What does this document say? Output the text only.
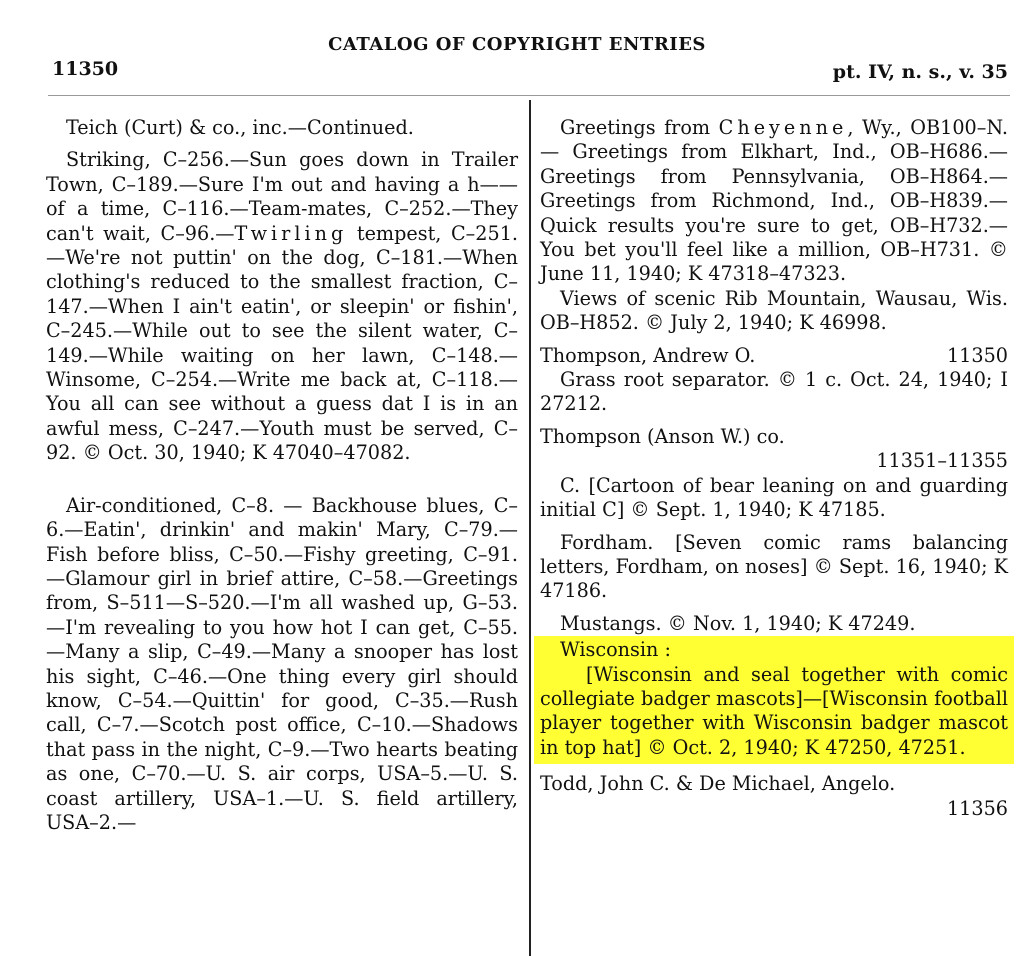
CATALOG OF COPYRIGHT ENTRIES
11350	pt. IV, n. s., v. 35

Teich (Curt) & co., inc.—Continued.

Striking, C–256.—Sun goes down in Trailer Town, C–189.—Sure I'm out and having a h—— of a time, C–116.—Team-mates, C–252.—They can't wait, C–96.—Twirling tempest, C–251.—We're not puttin' on the dog, C–181.—When clothing's reduced to the smallest fraction, C–147.—When I ain't eatin', or sleepin' or fishin', C–245.—While out to see the silent water, C–149.—While waiting on her lawn, C–148.—Winsome, C–254.—Write me back at, C–118.—You all can see without a guess dat I is in an awful mess, C–247.—Youth must be served, C–92. © Oct. 30, 1940; K 47040–47082.

Air-conditioned, C–8. — Backhouse blues, C–6.—Eatin', drinkin' and makin' Mary, C–79.—Fish before bliss, C–50.—Fishy greeting, C–91.—Glamour girl in brief attire, C–58.—Greetings from, S–511—S–520.—I'm all washed up, G–53.—I'm revealing to you how hot I can get, C–55.—Many a slip, C–49.—Many a snooper has lost his sight, C–46.—One thing every girl should know, C–54.—Quittin' for good, C–35.—Rush call, C–7.—Scotch post office, C–10.—Shadows that pass in the night, C–9.—Two hearts beating as one, C–70.—U. S. air corps, USA–5.—U. S. coast artillery, USA–1.—U. S. field artillery, USA–2.—

Greetings from Cheyenne, Wy., OB100–N. — Greetings from Elkhart, Ind., OB–H686.—Greetings from Pennsylvania, OB–H864.—Greetings from Richmond, Ind., OB–H839.—Quick results you're sure to get, OB–H732.—You bet you'll feel like a million, OB–H731. © June 11, 1940; K 47318–47323.

Views of scenic Rib Mountain, Wausau, Wis. OB–H852. © July 2, 1940; K 46998.

Thompson, Andrew O.	11350

Grass root separator. © 1 c. Oct. 24, 1940; I 27212.

Thompson (Anson W.) co.

11351–11355

C. [Cartoon of bear leaning on and guarding initial C] © Sept. 1, 1940; K 47185.

Fordham. [Seven comic rams balancing letters, Fordham, on noses] © Sept. 16, 1940; K 47186.

Mustangs. © Nov. 1, 1940; K 47249.

Wisconsin :

[Wisconsin and seal together with comic collegiate badger mascots]—[Wisconsin football player together with Wisconsin badger mascot in top hat] © Oct. 2, 1940; K 47250, 47251.

Todd, John C. & De Michael, Angelo.

11356
